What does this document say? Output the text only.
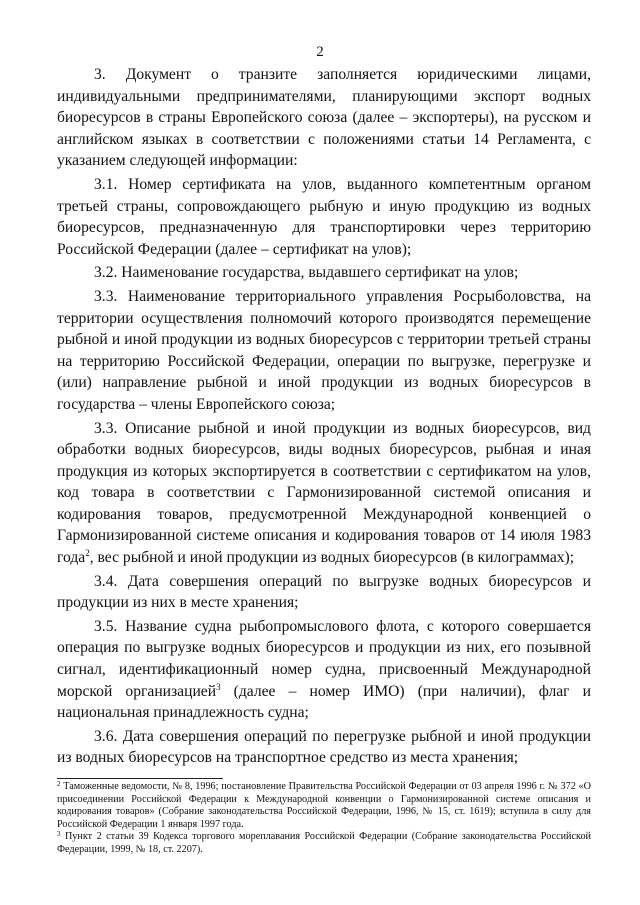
2

3. Документ о транзите заполняется юридическими лицами, индивидуальными предпринимателями, планирующими экспорт водных биоресурсов в страны Европейского союза (далее – экспортеры), на русском и английском языках в соответствии с положениями статьи 14 Регламента, с указанием следующей информации:

3.1. Номер сертификата на улов, выданного компетентным органом третьей страны, сопровождающего рыбную и иную продукцию из водных биоресурсов, предназначенную для транспортировки через территорию Российской Федерации (далее – сертификат на улов);

3.2. Наименование государства, выдавшего сертификат на улов;

3.3. Наименование территориального управления Росрыболовства, на территории осуществления полномочий которого производятся перемещение рыбной и иной продукции из водных биоресурсов с территории третьей страны на территорию Российской Федерации, операции по выгрузке, перегрузке и (или) направление рыбной и иной продукции из водных биоресурсов в государства – члены Европейского союза;

3.3. Описание рыбной и иной продукции из водных биоресурсов, вид обработки водных биоресурсов, виды водных биоресурсов, рыбная и иная продукция из которых экспортируется в соответствии с сертификатом на улов, код товара в соответствии с Гармонизированной системой описания и кодирования товаров, предусмотренной Международной конвенцией о Гармонизированной системе описания и кодирования товаров от 14 июля 1983 года$^2$, вес рыбной и иной продукции из водных биоресурсов (в килограммах);

3.4. Дата совершения операций по выгрузке водных биоресурсов и продукции из них в месте хранения;

3.5. Название судна рыбопромыслового флота, с которого совершается операция по выгрузке водных биоресурсов и продукции из них, его позывной сигнал, идентификационный номер судна, присвоенный Международной морской организацией$^3$ (далее – номер ИМО) (при наличии), флаг и национальная принадлежность судна;

3.6. Дата совершения операций по перегрузке рыбной и иной продукции из водных биоресурсов на транспортное средство из места хранения;

$^2$ Таможенные ведомости, № 8, 1996; постановление Правительства Российской Федерации от 03 апреля 1996 г. № 372 «О присоединении Российской Федерации к Международной конвенции о Гармонизированной системе описания и кодирования товаров» (Собрание законодательства Российской Федерации, 1996, № 15, ст. 1619); вступила в силу для Российской Федерации 1 января 1997 года.

$^3$ Пункт 2 статьи 39 Кодекса торгового мореплавания Российской Федерации (Собрание законодательства Российской Федерации, 1999, № 18, ст. 2207).
